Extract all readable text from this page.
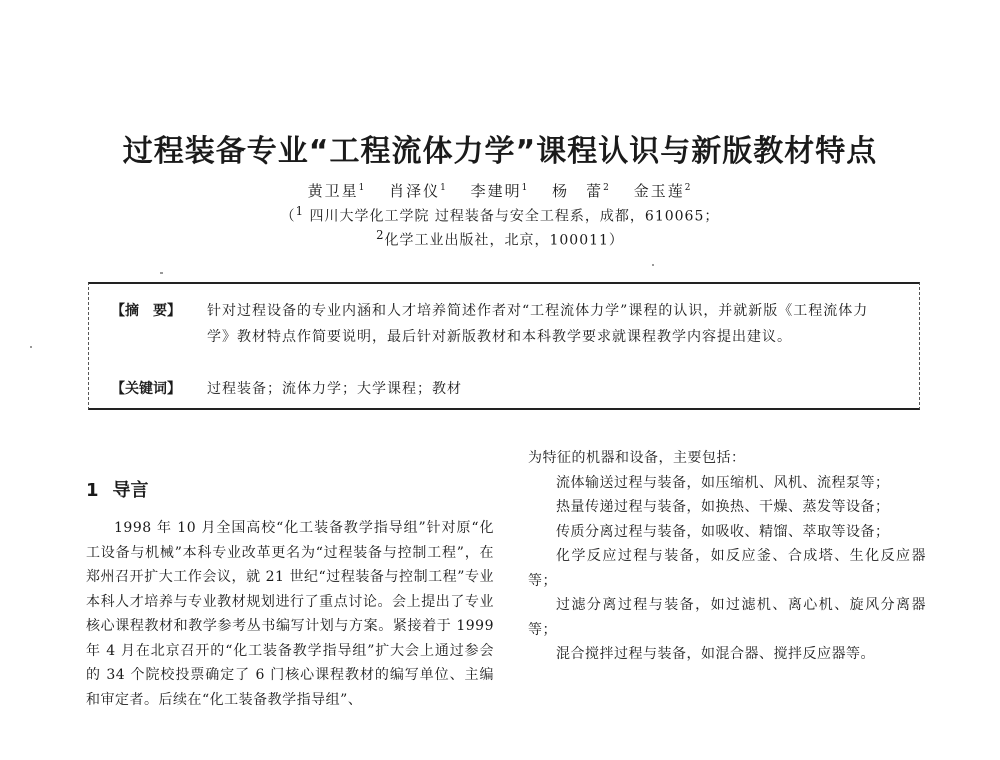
过程装备专业“工程流体力学”课程认识与新版教材特点
黄卫星$^1$ 肖泽仪$^1$ 李建明$^1$ 杨　蕾$^2$ 金玉莲$^2$
（$^1$ 四川大学化工学院 过程装备与安全工程系，成都，610065；
$^2$化学工业出版社，北京，100011）
【摘　要】	针对过程设备的专业内涵和人才培养简述作者对“工程流体力学”课程的认识，并就新版《工程流体力学》教材特点作简要说明，最后针对新版教材和本科教学要求就课程教学内容提出建议。
【关键词】	过程装备；流体力学；大学课程；教材
1 导言

1998 年 10 月全国高校“化工装备教学指导组”针对原“化工设备与机械”本科专业改革更名为“过程装备与控制工程”，在郑州召开扩大工作会议，就 21 世纪“过程装备与控制工程”专业本科人才培养与专业教材规划进行了重点讨论。会上提出了专业核心课程教材和教学参考丛书编写计划与方案。紧接着于 1999 年 4 月在北京召开的“化工装备教学指导组”扩大会上通过参会的 34 个院校投票确定了 6 门核心课程教材的编写单位、主编和审定者。后续在“化工装备教学指导组”、

为特征的机器和设备，主要包括：

流体输送过程与装备，如压缩机、风机、流程泵等；

热量传递过程与装备，如换热、干燥、蒸发等设备；

传质分离过程与装备，如吸收、精馏、萃取等设备；

化学反应过程与装备，如反应釜、合成塔、生化反应器等；

过滤分离过程与装备，如过滤机、离心机、旋风分离器等；

混合搅拌过程与装备，如混合器、搅拌反应器等。
